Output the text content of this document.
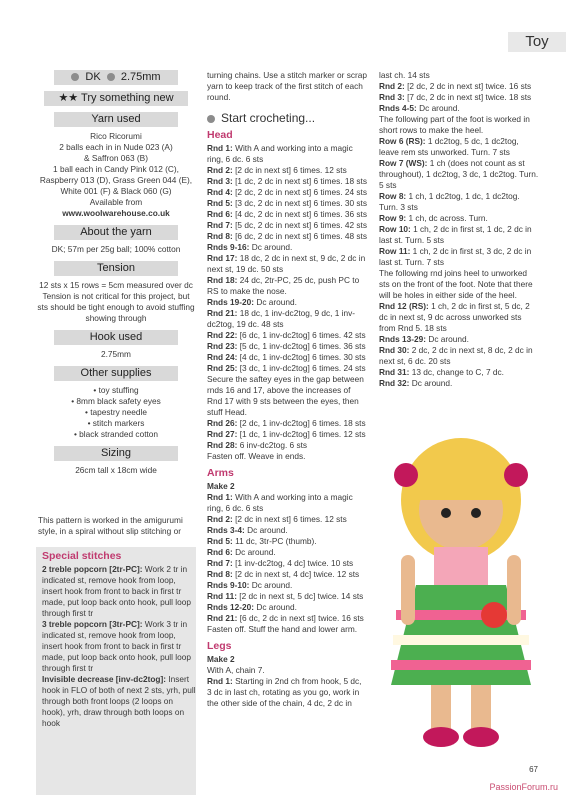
Toy
DK 2.75mm
★★ Try something new
Yarn used

Rico Ricorumi

2 balls each in in Nude 023 (A)

& Saffron 063 (B)

1 ball each in Candy Pink 012 (C),

Raspberry 013 (D), Grass Green 044 (E),

White 001 (F) & Black 060 (G)

Available from

www.woolwarehouse.co.uk

About the yarn

DK; 57m per 25g ball; 100% cotton

Tension

12 sts x 15 rows = 5cm measured over dc

Tension is not critical for this project, but

sts should be tight enough to avoid stuffing

showing through

Hook used

2.75mm

Other supplies

• toy stuffing

• 8mm black safety eyes

• tapestry needle

• stitch markers

• black stranded cotton

Sizing

26cm tall x 18cm wide

This pattern is worked in the amigurumi style, in a spiral without slip stitching or
Special stitches

2 treble popcorn [2tr-PC]: Work 2 tr in indicated st, remove hook from loop, insert hook from front to back in first tr made, put loop back onto hook, pull loop through first tr

3 treble popcorn [3tr-PC]: Work 3 tr in indicated st, remove hook from loop, insert hook from front to back in first tr made, put loop back onto hook, pull loop through first tr

Invisible decrease [inv-dc2tog]: Insert hook in FLO of both of next 2 sts, yrh, pull through both front loops (2 loops on hook), yrh, draw through both loops on hook

turning chains. Use a stitch marker or scrap yarn to keep track of the first stitch of each round.

Start crocheting...
Head

Rnd 1: With A and working into a magic ring, 6 dc. 6 sts

Rnd 2: [2 dc in next st] 6 times. 12 sts

Rnd 3: [1 dc, 2 dc in next st] 6 times. 18 sts

Rnd 4: [2 dc, 2 dc in next st] 6 times. 24 sts

Rnd 5: [3 dc, 2 dc in next st] 6 times. 30 sts

Rnd 6: [4 dc, 2 dc in next st] 6 times. 36 sts

Rnd 7: [5 dc, 2 dc in next st] 6 times. 42 sts

Rnd 8: [6 dc, 2 dc in next st] 6 times. 48 sts

Rnds 9-16: Dc around.

Rnd 17: 18 dc, 2 dc in next st, 9 dc, 2 dc in next st, 19 dc. 50 sts

Rnd 18: 24 dc, 2tr-PC, 25 dc, push PC to RS to make the nose.

Rnds 19-20: Dc around.

Rnd 21: 18 dc, 1 inv-dc2tog, 9 dc, 1 inv-dc2tog, 19 dc. 48 sts

Rnd 22: [6 dc, 1 inv-dc2tog] 6 times. 42 sts

Rnd 23: [5 dc, 1 inv-dc2tog] 6 times. 36 sts

Rnd 24: [4 dc, 1 inv-dc2tog] 6 times. 30 sts

Rnd 25: [3 dc, 1 inv-dc2tog] 6 times. 24 sts

Secure the saftey eyes in the gap between rnds 16 and 17, above the increases of Rnd 17 with 9 sts between the eyes, then stuff Head.

Rnd 26: [2 dc, 1 inv-dc2tog] 6 times. 18 sts

Rnd 27: [1 dc, 1 inv-dc2tog] 6 times. 12 sts

Rnd 28: 6 inv-dc2tog. 6 sts

Fasten off. Weave in ends.

Arms

Make 2

Rnd 1: With A and working into a magic ring, 6 dc. 6 sts

Rnd 2: [2 dc in next st] 6 times. 12 sts

Rnds 3-4: Dc around.

Rnd 5: 11 dc, 3tr-PC (thumb).

Rnd 6: Dc around.

Rnd 7: [1 inv-dc2tog, 4 dc] twice. 10 sts

Rnd 8: [2 dc in next st, 4 dc] twice. 12 sts

Rnds 9-10: Dc around.

Rnd 11: [2 dc in next st, 5 dc] twice. 14 sts

Rnds 12-20: Dc around.

Rnd 21: [6 dc, 2 dc in next st] twice. 16 sts

Fasten off. Stuff the hand and lower arm.

Legs

Make 2

With A, chain 7.

Rnd 1: Starting in 2nd ch from hook, 5 dc, 3 dc in last ch, rotating as you go, work in the other side of the chain, 4 dc, 2 dc in

last ch. 14 sts

Rnd 2: [2 dc, 2 dc in next st] twice. 16 sts

Rnd 3: [7 dc, 2 dc in next st] twice. 18 sts

Rnds 4-5: Dc around.

The following part of the foot is worked in short rows to make the heel.

Row 6 (RS): 1 dc2tog, 5 dc, 1 dc2tog, leave rem sts unworked. Turn. 7 sts

Row 7 (WS): 1 ch (does not count as st throughout), 1 dc2tog, 3 dc, 1 dc2tog. Turn. 5 sts

Row 8: 1 ch, 1 dc2tog, 1 dc, 1 dc2tog. Turn. 3 sts

Row 9: 1 ch, dc across. Turn.

Row 10: 1 ch, 2 dc in first st, 1 dc, 2 dc in last st. Turn. 5 sts

Row 11: 1 ch, 2 dc in first st, 3 dc, 2 dc in last st. Turn. 7 sts

The following rnd joins heel to unworked sts on the front of the foot. Note that there will be holes in either side of the heel.

Rnd 12 (RS): 1 ch, 2 dc in first st, 5 dc, 2 dc in next st, 9 dc across unworked sts from Rnd 5. 18 sts

Rnds 13-29: Dc around.

Rnd 30: 2 dc, 2 dc in next st, 8 dc, 2 dc in next st, 6 dc. 20 sts

Rnd 31: 13 dc, change to C, 7 dc.

Rnd 32: Dc around.

67
PassionForum.ru
